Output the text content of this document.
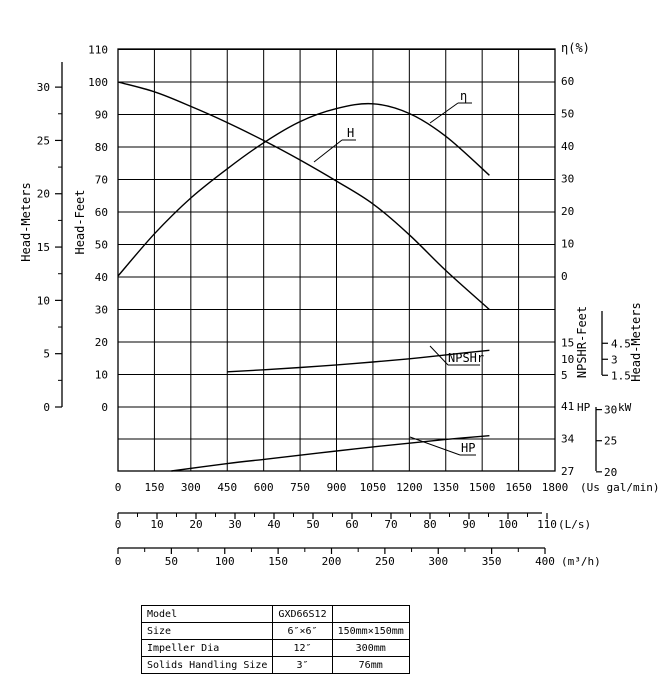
0
10
20
30
40
50
60
70
80
90
100
110
Head-Feet
0
5
10
15
20
25
30
Head-Meters
0
10
20
30
40
50
60
η(%)
5
10
15 NPSHR-Feet 1.5
3
4.5
Head-Meters
27
34
41 HP
20
25
30 kW
0 150 300 450 600 750 900 1050 1200 1350 1500 1650 1800 (Us gal/min)
0	10 20 30 40 50 60 70 80 90 100 110 (L/s)
0	50	100	150	200	250	300	350	400 (m³/h)
H
η
NPSHr
HP
Model	GXD66S12	
Size	6″×6″	150mm×150mm
Impeller Dia	12″	300mm
Solids Handling Size	3″	76mm
